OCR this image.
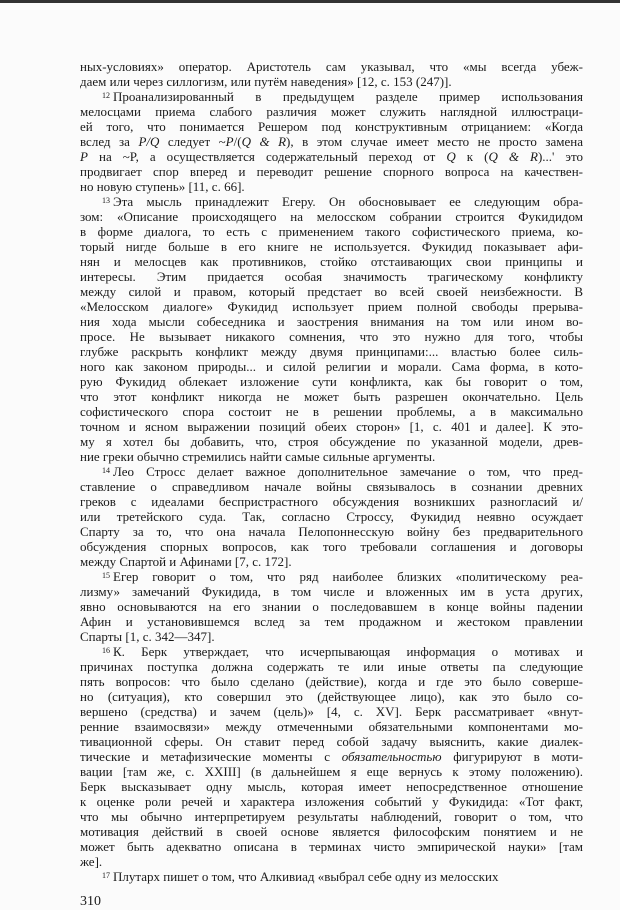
ных-условиях» оператор. Аристотель сам указывал, что «мы всегда убеж-
даем или через силлогизм, или путём наведения» [12, с. 153 (247)].
$^{12}$ Проанализированный в предыдущем разделе пример использования
мелосцами приема слабого различия может служить наглядной иллюстраци-
ей того, что понимается Решером под конструктивным отрицанием: «Когда
вслед за P/Q следует ~P/(Q & R), в этом случае имеет место не просто замена
P на ~P, а осуществляется содержательный переход от Q к (Q & R)...' это
продвигает спор вперед и переводит решение спорного вопроса на качествен-
но новую ступень» [11, с. 66].
$^{13}$ Эта мысль принадлежит Егеру. Он обосновывает ее следующим обра-
зом: «Описание происходящего на мелосском собрании строится Фукидидом
в форме диалога, то есть с применением такого софистического приема, ко-
торый нигде больше в его книге не используется. Фукидид показывает афи-
нян и мелосцев как противников, стойко отстаивающих свои принципы и
интересы. Этим придается особая значимость трагическому конфликту
между силой и правом, который предстает во всей своей неизбежности. В
«Мелосском диалоге» Фукидид использует прием полной свободы прерыва-
ния хода мысли собеседника и заострения внимания на том или ином во-
просе. Не вызывает никакого сомнения, что это нужно для того, чтобы
глубже раскрыть конфликт между двумя принципами:... властью более силь-
ного как законом природы... и силой религии и морали. Сама форма, в кото-
рую Фукидид облекает изложение сути конфликта, как бы говорит о том,
что этот конфликт никогда не может быть разрешен окончательно. Цель
софистического спора состоит не в решении проблемы, а в максимально
точном и ясном выражении позиций обеих сторон» [1, с. 401 и далее]. К это-
му я хотел бы добавить, что, строя обсуждение по указанной модели, древ-
ние греки обычно стремились найти самые сильные аргументы.
$^{14}$ Лео Стросс делает важное дополнительное замечание о том, что пред-
ставление о справедливом начале войны связывалось в сознании древних
греков с идеалами беспристрастного обсуждения возникших разногласий и/
или третейского суда. Так, согласно Строссу, Фукидид неявно осуждает
Спарту за то, что она начала Пелопоннесскую войну без предварительного
обсуждения спорных вопросов, как того требовали соглашения и договоры
между Спартой и Афинами [7, с. 172].
$^{15}$ Егер говорит о том, что ряд наиболее близких «политическому реа-
лизму» замечаний Фукидида, в том числе и вложенных им в уста других,
явно основываются на его знании о последовавшем в конце войны падении
Афин и установившемся вслед за тем продажном и жестоком правлении
Спарты [1, с. 342—347].
$^{16}$ К. Берк утверждает, что исчерпывающая информация о мотивах и
причинах поступка должна содержать те или иные ответы па следующие
пять вопросов: что было сделано (действие), когда и где это было соверше-
но (ситуация), кто совершил это (действующее лицо), как это было со-
вершено (средства) и зачем (цель)» [4, с. XV]. Берк рассматривает «внут-
ренние взаимосвязи» между отмеченными обязательными компонентами мо-
тивационной сферы. Он ставит перед собой задачу выяснить, какие диалек-
тические и метафизические моменты с обязательностью фигурируют в моти-
вации [там же, с. XXIII] (в дальнейшем я еще вернусь к этому положению).
Берк высказывает одну мысль, которая имеет непосредственное отношение
к оценке роли речей и характера изложения событий у Фукидида: «Тот факт,
что мы обычно интерпретируем результаты наблюдений, говорит о том, что
мотивация действий в своей основе является философским понятием и не
может быть адекватно описана в терминах чисто эмпирической науки» [там
же].
$^{17}$ Плутарх пишет о том, что Алкивиад «выбрал себе одну из мелосских
310
